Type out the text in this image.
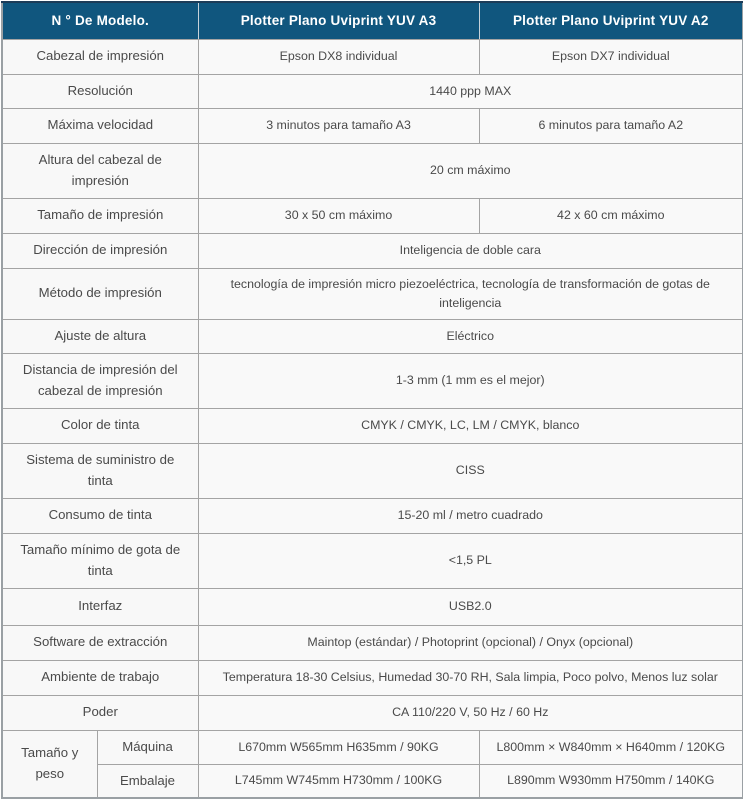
N ° De Modelo.		Plotter Plano Uviprint YUV A3	Plotter Plano Uviprint YUV A2
Cabezal de impresión		Epson DX8 individual	Epson DX7 individual
Resolución		1440 ppp MAX	
Máxima velocidad		3 minutos para tamaño A3	6 minutos para tamaño A2
Altura del cabezal de impresión		20 cm máximo	
Tamaño de impresión		30 x 50 cm máximo	42 x 60 cm máximo
Dirección de impresión		Inteligencia de doble cara	
Método de impresión		tecnología de impresión micro piezoeléctrica, tecnología de transformación de gotas de inteligencia	
Ajuste de altura		Eléctrico	
Distancia de impresión del cabezal de impresión		1-3 mm (1 mm es el mejor)	
Color de tinta		CMYK / CMYK, LC, LM / CMYK, blanco	
Sistema de suministro de tinta		CISS	
Consumo de tinta		15-20 ml / metro cuadrado	
Tamaño mínimo de gota de tinta		<1,5 PL	
Interfaz		USB2.0	
Software de extracción		Maintop (estándar) / Photoprint (opcional) / Onyx (opcional)	
Ambiente de trabajo		Temperatura 18-30 Celsius, Humedad 30-70 RH, Sala limpia, Poco polvo, Menos luz solar	
Poder		CA 110/220 V, 50 Hz / 60 Hz	
Tamaño y peso	Máquina	L670mm W565mm H635mm / 90KG	L800mm × W840mm × H640mm / 120KG
	Embalaje	L745mm W745mm H730mm / 100KG	L890mm W930mm H750mm / 140KG
